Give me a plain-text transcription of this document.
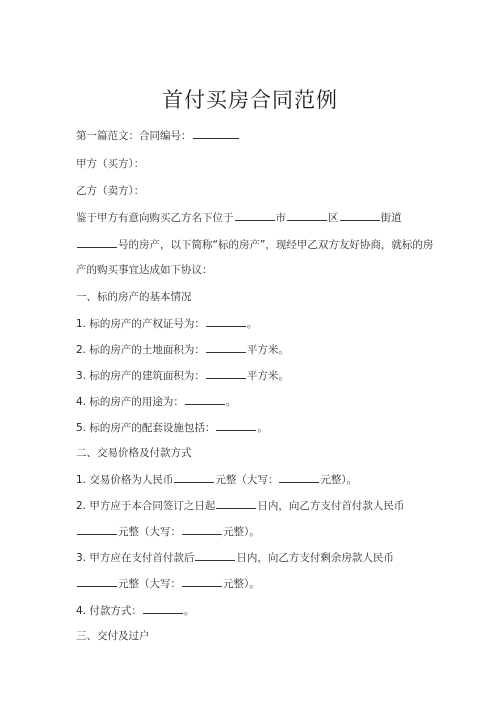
首付买房合同范例
第一篇范文：合同编号：
甲方（买方）：
乙方（卖方）：
鉴于甲方有意向购买乙方名下位于	市	区	街道
号的房产，以下简称“标的房产”，现经甲乙双方友好协商，就标的房
产的购买事宜达成如下协议：
一、标的房产的基本情况
1. 标的房产的产权证号为：	。
2. 标的房产的土地面积为：	平方米。
3. 标的房产的建筑面积为：	平方米。
4. 标的房产的用途为：	。
5. 标的房产的配套设施包括：	。
二、交易价格及付款方式
1. 交易价格为人民币	元整（大写：	元整）。
2. 甲方应于本合同签订之日起	日内，向乙方支付首付款人民币
元整（大写：	元整）。
3. 甲方应在支付首付款后	日内，向乙方支付剩余房款人民币
元整（大写：	元整）。
4. 付款方式：	。
三、交付及过户
